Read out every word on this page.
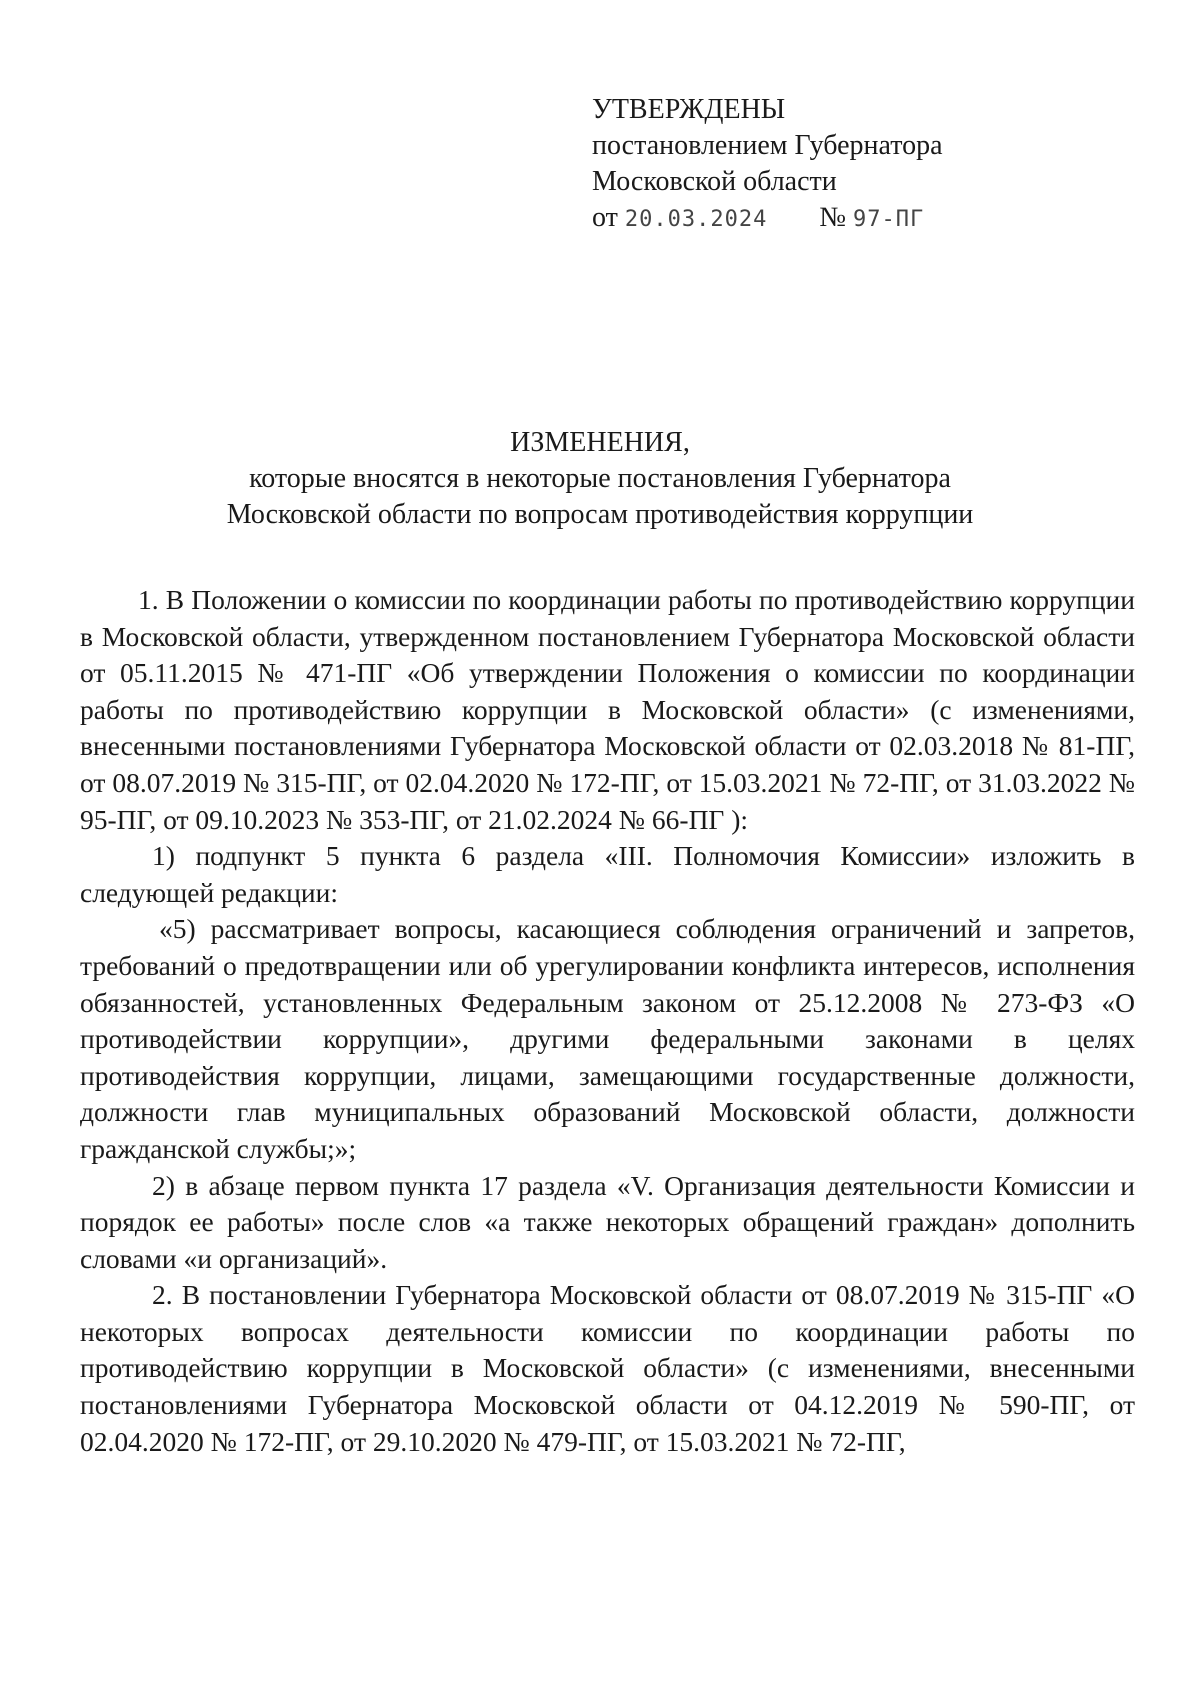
УТВЕРЖДЕНЫ
постановлением Губернатора
Московской области
от 20.03.2024 № 97-ПГ
ИЗМЕНЕНИЯ,
которые вносятся в некоторые постановления Губернатора
Московской области по вопросам противодействия коррупции

1. В Положении о комиссии по координации работы по противодействию коррупции в Московской области, утвержденном постановлением Губернатора Московской области от 05.11.2015 № 471-ПГ «Об утверждении Положения о комиссии по координации работы по противодействию коррупции в Московской области» (с изменениями, внесенными постановлениями Губернатора Московской области от 02.03.2018 № 81-ПГ, от 08.07.2019 № 315-ПГ, от 02.04.2020 № 172-ПГ, от 15.03.2021 № 72-ПГ, от 31.03.2022 № 95-ПГ, от 09.10.2023 № 353-ПГ, от 21.02.2024 № 66-ПГ ):

1) подпункт 5 пункта 6 раздела «III. Полномочия Комиссии» изложить в следующей редакции:

«5) рассматривает вопросы, касающиеся соблюдения ограничений и запретов, требований о предотвращении или об урегулировании конфликта интересов, исполнения обязанностей, установленных Федеральным законом от 25.12.2008 № 273-ФЗ «О противодействии коррупции», другими федеральными законами в целях противодействия коррупции, лицами, замещающими государственные должности, должности глав муниципальных образований Московской области, должности гражданской службы;»;

2) в абзаце первом пункта 17 раздела «V. Организация деятельности Комиссии и порядок ее работы» после слов «а также некоторых обращений граждан» дополнить словами «и организаций».

2. В постановлении Губернатора Московской области от 08.07.2019 № 315-ПГ «О некоторых вопросах деятельности комиссии по координации работы по противодействию коррупции в Московской области» (с изменениями, внесенными постановлениями Губернатора Московской области от 04.12.2019 № 590-ПГ, от 02.04.2020 № 172-ПГ, от 29.10.2020 № 479-ПГ, от 15.03.2021 № 72-ПГ,
